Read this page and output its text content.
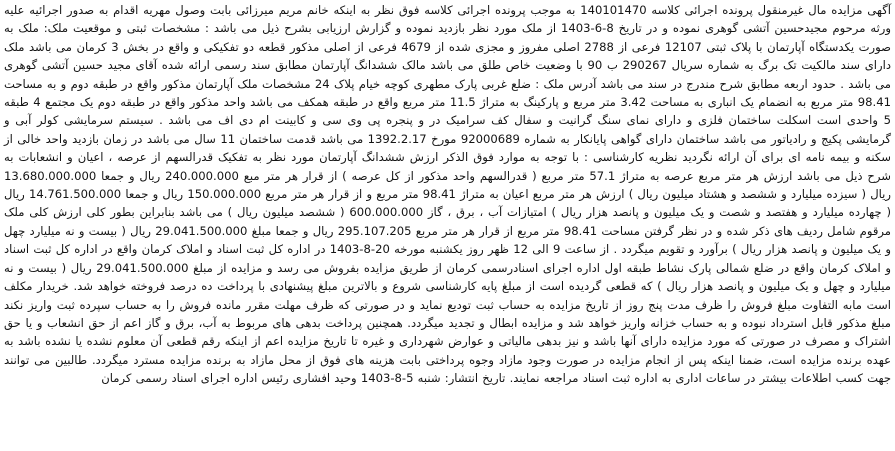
آگهی مزایده مال غیرمنقول پرونده اجرائی کلاسه 140101470 به موجب پرونده اجرائی کلاسه فوق نظر به اینکه خانم مریم میرزائی بابت وصول مهریه اقدام به صدور اجرائیه علیه ورثه مرحوم مجیدحسین آتشی گوهری نموده و در تاریخ 8-6-1403 از ملک مورد نظر بازدید نموده و گزارش ارزیابی بشرح ذیل می باشد : مشخصات ثبتی و موقعیت ملک: ملک به صورت یکدستگاه آپارتمان با پلاک ثبتی 12107 فرعی از 2788 اصلی مفروز و مجزی شده از 4679 فرعی از اصلی مذکور قطعه دو تفکیکی و واقع در بخش 3 کرمان می باشد ملک دارای سند مالکیت تک برگ به شماره سریال 290267 ب 90 با وضعیت خاص طلق می باشد مالک ششدانگ آپارتمان مطابق سند رسمی ارائه شده آقای مجید حسین آتشی گوهری می باشد . حدود اربعه مطابق شرح مندرج در سند می باشد آدرس ملک : ضلع غربی پارک مطهری کوچه خیام پلاک 24 مشخصات ملک آپارتمان مذکور واقع در طبقه دوم و به مساحت 98.41 متر مربع به انضمام یک انباری به مساحت 3.42 متر مربع و پارکینگ به متراژ 11.5 متر مربع واقع در طبقه همکف می باشد واحد مذکور واقع در طبقه دوم یک مجتمع 4 طبقه 5 واحدی است اسکلت ساختمان فلزی و دارای نمای سنگ گرانیت و سفال کف سرامیک در و پنجره پی وی سی و کابینت ام دی اف می باشد . سیستم سرمایشی کولر آبی و گرمایشی پکیج و رادیاتور می باشد ساختمان دارای گواهی پایانکار به شماره 92000689 مورخ 1392.2.17 می باشد قدمت ساختمان 11 سال می باشد در زمان بازدید واحد خالی از سکنه و بیمه نامه ای برای آن ارائه نگردید نظریه کارشناسی : با توجه به موارد فوق الذکر ارزش ششدانگ آپارتمان مورد نظر به تفکیک قدرالسهم از عرصه ، اعیان و انشعابات به شرح ذیل می باشد ارزش هر متر مربع عرصه به متراژ 57.1 متر مربع ( قدرالسهم واحد مذکور از کل عرصه ) از قرار هر متر مبع 240.000.000 ریال و جمعا 13.680.000.000 ریال ( سیزده میلیارد و ششصد و هشتاد میلیون ریال ) ارزش هر متر مربع اعیان به متراژ 98.41 متر مربع و از قرار هر متر مربع 150.000.000 ریال و جمعا 14.761.500.000 ریال ( چهارده میلیارد و هفتصد و شصت و یک میلیون و پانصد هزار ریال ) امتیازات آب ، برق ، گاز 600.000.000 ( ششصد میلیون ریال ) می باشد بنابراین بطور کلی ارزش کلی ملک مرقوم شامل ردیف های ذکر شده و در نظر گرفتن مساحت 98.41 متر مربع از قرار هر متر مربع 295.107.205 ریال و جمعا مبلغ 29.041.500.000 ریال ( بیست و نه میلیارد چهل و یک میلیون و پانصد هزار ریال ) برآورد و تقویم میگردد . از ساعت 9 الی 12 ظهر روز یکشنبه مورخه 20-8-1403 در اداره کل ثبت اسناد و املاک کرمان واقع در اداره کل ثبت اسناد و املاک کرمان واقع در ضلع شمالی پارک نشاط طبقه اول اداره اجرای اسنادرسمی کرمان از طریق مزایده بفروش می رسد و مزایده از مبلغ 29.041.500.000 ریال ( بیست و نه میلیارد و چهل و یک میلیون و پانصد هزار ریال ) که قطعی گردیده است از مبلغ پایه کارشناسی شروع و بالاترین مبلغ پیشنهادی با پرداخت ده درصد فروخته خواهد شد. خریدار مکلف است مابه التفاوت مبلغ فروش را ظرف مدت پنج روز از تاریخ مزایده به حساب ثبت تودیع نماید و در صورتی که ظرف مهلت مقرر مانده فروش را به حساب سپرده ثبت واریز نکند مبلغ مذکور قابل استرداد نبوده و به حساب خزانه واریز خواهد شد و مزایده ابطال و تجدید میگردد. همچنین پرداخت بدهی های مربوط به آب، برق و گاز اعم از حق انشعاب و یا حق اشتراک و مصرف در صورتی که مورد مزایده دارای آنها باشد و نیز بدهی مالیاتی و عوارض شهرداری و غیره تا تاریخ مزایده اعم از اینکه رقم قطعی آن معلوم نشده یا نشده باشد به عهده برنده مزایده است، ضمنا اینکه پس از انجام مزایده در صورت وجود مازاد وجوه پرداختی بابت هزینه های فوق از محل مازاد به برنده مزایده مسترد میگردد. طالبین می توانند جهت کسب اطلاعات بیشتر در ساعات اداری به اداره ثبت اسناد مراجعه نمایند. تاریخ انتشار: شنبه 5-8-1403 وحید افشاری رئیس اداره اجرای اسناد رسمی کرمان
